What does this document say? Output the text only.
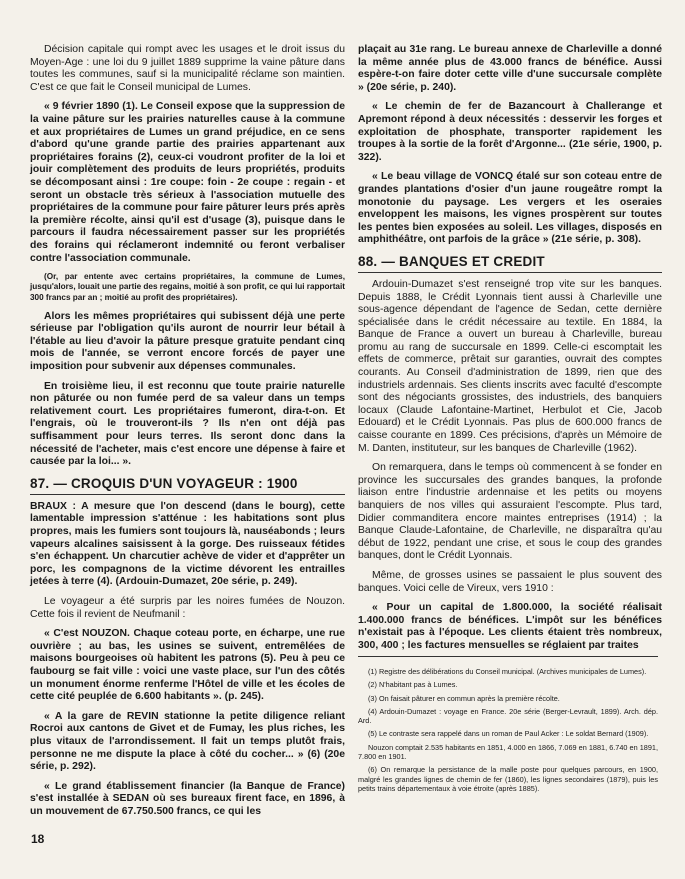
Décision capitale qui rompt avec les usages et le droit issus du Moyen-Age : une loi du 9 juillet 1889 supprime la vaine pâture dans toutes les communes, sauf si la municipalité réclame son maintien. C'est ce que fait le Conseil municipal de Lumes.

« 9 février 1890 (1). Le Conseil expose que la suppression de la vaine pâture sur les prairies naturelles cause à la commune et aux propriétaires de Lumes un grand préjudice, en ce sens d'abord qu'une grande partie des prairies appartenant aux propriétaires forains (2), ceux-ci voudront profiter de la loi et jouir complètement des produits de leurs propriétés, produits se décomposant ainsi : 1re coupe: foin - 2e coupe : regain - et seront un obstacle très sérieux à l'association mutuelle des propriétaires de la commune pour faire pâturer leurs prés après la première récolte, ainsi qu'il est d'usage (3), puisque dans le parcours il faudra nécessairement passer sur les propriétés des forains qui réclameront indemnité ou feront verbaliser contre l'association communale.

(Or, par entente avec certains propriétaires, la commune de Lumes, jusqu'alors, louait une partie des regains, moitié à son profit, ce qui lui rapportait 300 francs par an ; moitié au profit des propriétaires).

Alors les mêmes propriétaires qui subissent déjà une perte sérieuse par l'obligation qu'ils auront de nourrir leur bétail à l'étable au lieu d'avoir la pâture presque gratuite pendant cinq mois de l'année, se verront encore forcés de payer une imposition pour subvenir aux dépenses communales.

En troisième lieu, il est reconnu que toute prairie naturelle non pâturée ou non fumée perd de sa valeur dans un temps relativement court. Les propriétaires fumeront, dira-t-on. Et l'engrais, où le trouveront-ils ? Ils n'en ont déjà pas suffisamment pour leurs terres. Ils seront donc dans la nécessité de l'acheter, mais c'est encore une dépense à faire et causée par la loi... ».

87. — CROQUIS D'UN VOYAGEUR : 1900

BRAUX : A mesure que l'on descend (dans le bourg), cette lamentable impression s'atténue : les habitations sont plus propres, mais les fumiers sont toujours là, nauséabonds ; leurs vapeurs alcalines saisissent à la gorge. Des ruisseaux fétides s'en échappent. Un charcutier achève de vider et d'apprêter un porc, les compagnons de la victime dévorent les entrailles jetées à terre (4). (Ardouin-Dumazet, 20e série, p. 249).

Le voyageur a été surpris par les noires fumées de Nouzon. Cette fois il revient de Neufmanil :

« C'est NOUZON. Chaque coteau porte, en écharpe, une rue ouvrière ; au bas, les usines se suivent, entremêlées de maisons bourgeoises où habitent les patrons (5). Peu à peu ce faubourg se fait ville : voici une vaste place, sur l'un des côtés un monument énorme renferme l'Hôtel de ville et les écoles de cette cité peuplée de 6.600 habitants ». (p. 245).

« A la gare de REVIN stationne la petite diligence reliant Rocroi aux cantons de Givet et de Fumay, les plus riches, les plus vitaux de l'arrondissement. Il fait un temps plutôt frais, personne ne me dispute la place à côté du cocher... » (6) (20e série, p. 292).

« Le grand établissement financier (la Banque de France) s'est installée à SEDAN où ses bureaux firent face, en 1896, à un mouvement de 67.750.500 francs, ce qui les

plaçait au 31e rang. Le bureau annexe de Charleville a donné la même année plus de 43.000 francs de bénéfice. Aussi espère-t-on faire doter cette ville d'une succursale complète » (20e série, p. 240).

« Le chemin de fer de Bazancourt à Challerange et Apremont répond à deux nécessités : desservir les forges et exploitation de phosphate, transporter rapidement les troupes à la sortie de la forêt d'Argonne... (21e série, 1900, p. 322).

« Le beau village de VONCQ étalé sur son coteau entre de grandes plantations d'osier d'un jaune rougeâtre rompt la monotonie du paysage. Les vergers et les oseraies enveloppent les maisons, les vignes prospèrent sur toutes les pentes bien exposées au soleil. Les villages, disposés en amphithéâtre, ont parfois de la grâce » (21e série, p. 308).

88. — BANQUES ET CREDIT

Ardouin-Dumazet s'est renseigné trop vite sur les banques. Depuis 1888, le Crédit Lyonnais tient aussi à Charleville une sous-agence dépendant de l'agence de Sedan, cette dernière spécialisée dans le crédit nécessaire au textile. En 1884, la Banque de France a ouvert un bureau à Charleville, bureau promu au rang de succursale en 1899. Celle-ci escomptait les effets de commerce, prêtait sur garanties, ouvrait des comptes courants. Au Conseil d'administration de 1899, rien que des industriels ardennais. Ses clients inscrits avec faculté d'escompte sont des négociants grossistes, des industriels, des banquiers locaux (Claude Lafontaine-Martinet, Herbulot et Cie, Jacob Edouard) et le Crédit Lyonnais. Pas plus de 600.000 francs de caisse courante en 1899. Ces précisions, d'après un Mémoire de M. Danten, instituteur, sur les banques de Charleville (1962).

On remarquera, dans le temps où commencent à se fonder en province les succursales des grandes banques, la profonde liaison entre l'industrie ardennaise et les petits ou moyens banquiers de nos villes qui assuraient l'escompte. Plus tard, Didier commanditera encore maintes entreprises (1914) ; la Banque Claude-Lafontaine, de Charleville, ne disparaîtra qu'au début de 1922, pendant une crise, et sous le coup des grandes banques, dont le Crédit Lyonnais.

Même, de grosses usines se passaient le plus souvent des banques. Voici celle de Vireux, vers 1910 :

« Pour un capital de 1.800.000, la société réalisait 1.400.000 francs de bénéfices. L'impôt sur les bénéfices n'existait pas à l'époque. Les clients étaient très nombreux, 300, 400 ; les factures mensuelles se réglaient par traites

(1) Registre des délibérations du Conseil municipal. (Archives municipales de Lumes).

(2) N'habitant pas à Lumes.

(3) On faisait pâturer en commun après la première récolte.

(4) Ardouin-Dumazet : voyage en France. 20e série (Berger-Levrault, 1899). Arch. dép. Ard.

(5) Le contraste sera rappelé dans un roman de Paul Acker : Le soldat Bernard (1909).

Nouzon comptait 2.535 habitants en 1851, 4.000 en 1866, 7.069 en 1881, 6.740 en 1891, 7.800 en 1901.

(6) On remarque la persistance de la malle poste pour quelques parcours, en 1900, malgré les grandes lignes de chemin de fer (1860), les lignes secondaires (1879), puis les petits trains départementaux à voie étroite (après 1885).

18
